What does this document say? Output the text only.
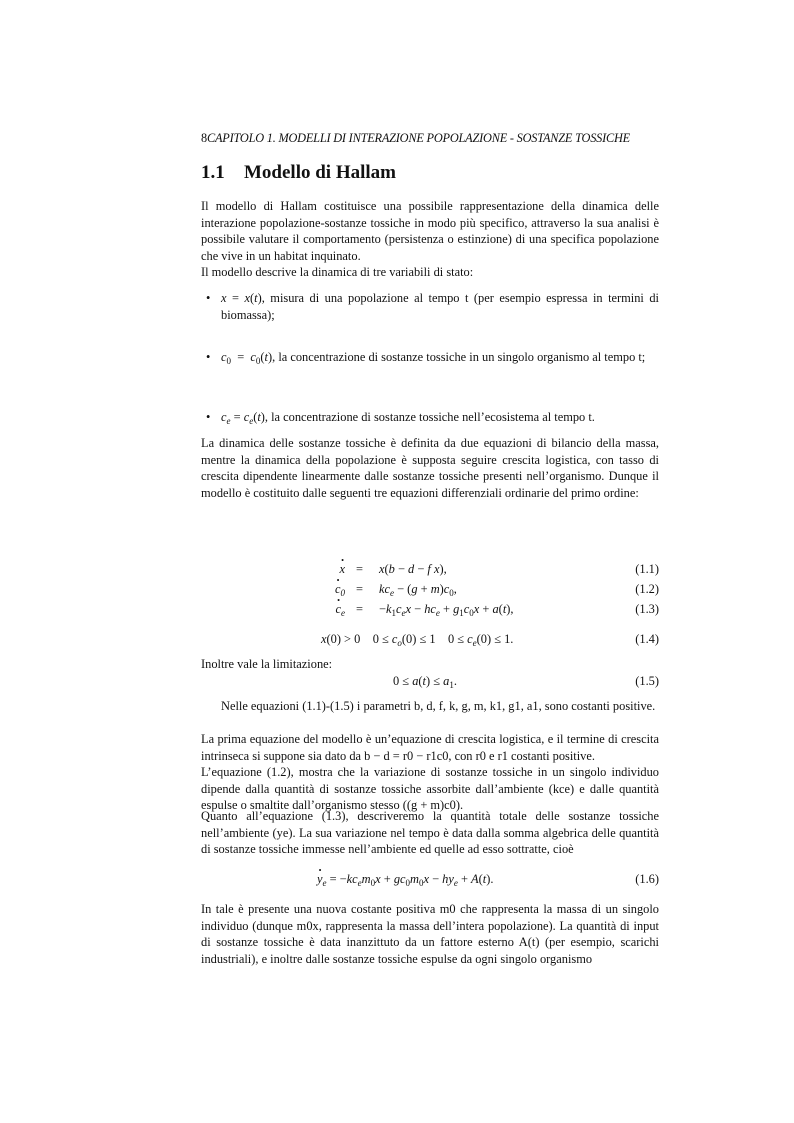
8CAPITOLO 1. MODELLI DI INTERAZIONE POPOLAZIONE - SOSTANZE TOSSICHE
1.1 Modello di Hallam
Il modello di Hallam costituisce una possibile rappresentazione della dinamica delle interazione popolazione-sostanze tossiche in modo più specifico, attraverso la sua analisi è possibile valutare il comportamento (persistenza o estinzione) di una specifica popolazione che vive in un habitat inquinato.
Il modello descrive la dinamica di tre variabili di stato:
• x = x(t), misura di una popolazione al tempo t (per esempio espressa in termini di biomassa);
• $c_0 = c_0(t)$, la concentrazione di sostanze tossiche in un singolo organismo al tempo t;
• $c_e = c_e(t)$, la concentrazione di sostanze tossiche nell’ecosistema al tempo t.
La dinamica delle sostanze tossiche è definita da due equazioni di bilancio della massa, mentre la dinamica della popolazione è supposta seguire crescita logistica, con tasso di crescita dipendente linearmente dalle sostanze tossiche presenti nell’organismo. Dunque il modello è costituito dalle seguenti tre equazioni differenziali ordinarie del primo ordine:
· x = x(b − d − f x),	(1.1)
· $c_0 = kc_e - (g + m)c_0$,	(1.2)
· $c_e = -k_1c_ex - hc_e + g_1c_0x + a(t)$,	(1.3)
x(0) > 0    $0 \le c_o(0) \le 1$    $0 \le c_e(0) \le 1$.	(1.4)
Inoltre vale la limitazione:
$0 \le a(t) \le a_1$.	(1.5)
Nelle equazioni (1.1)-(1.5) i parametri b, d, f, k, g, m, k1, g1, a1, sono costanti positive.
La prima equazione del modello è un’equazione di crescita logistica, e il termine di crescita intrinseca si suppone sia dato da b − d = r0 − r1c0, con r0 e r1 costanti positive.
L’equazione (1.2), mostra che la variazione di sostanze tossiche in un singolo individuo dipende dalla quantità di sostanze tossiche assorbite dall’ambiente (kce) e dalle quantità espulse o smaltite dall’organismo stesso ((g + m)c0).
Quanto all’equazione (1.3), descriveremo la quantità totale delle sostanze tossiche nell’ambiente (ye). La sua variazione nel tempo è data dalla somma algebrica delle quantità di sostanze tossiche immesse nell’ambiente ed quelle ad esso sottratte, cioè
· $y_e = -kc_em_0x + gc_0m_0x - hy_e + A(t)$.	(1.6)
In tale è presente una nuova costante positiva m0 che rappresenta la massa di un singolo individuo (dunque m0x, rappresenta la massa dell’intera popolazione). La quantità di input di sostanze tossiche è data inanzittuto da un fattore esterno A(t) (per esempio, scarichi industriali), e inoltre dalle sostanze tossiche espulse da ogni singolo organismo
